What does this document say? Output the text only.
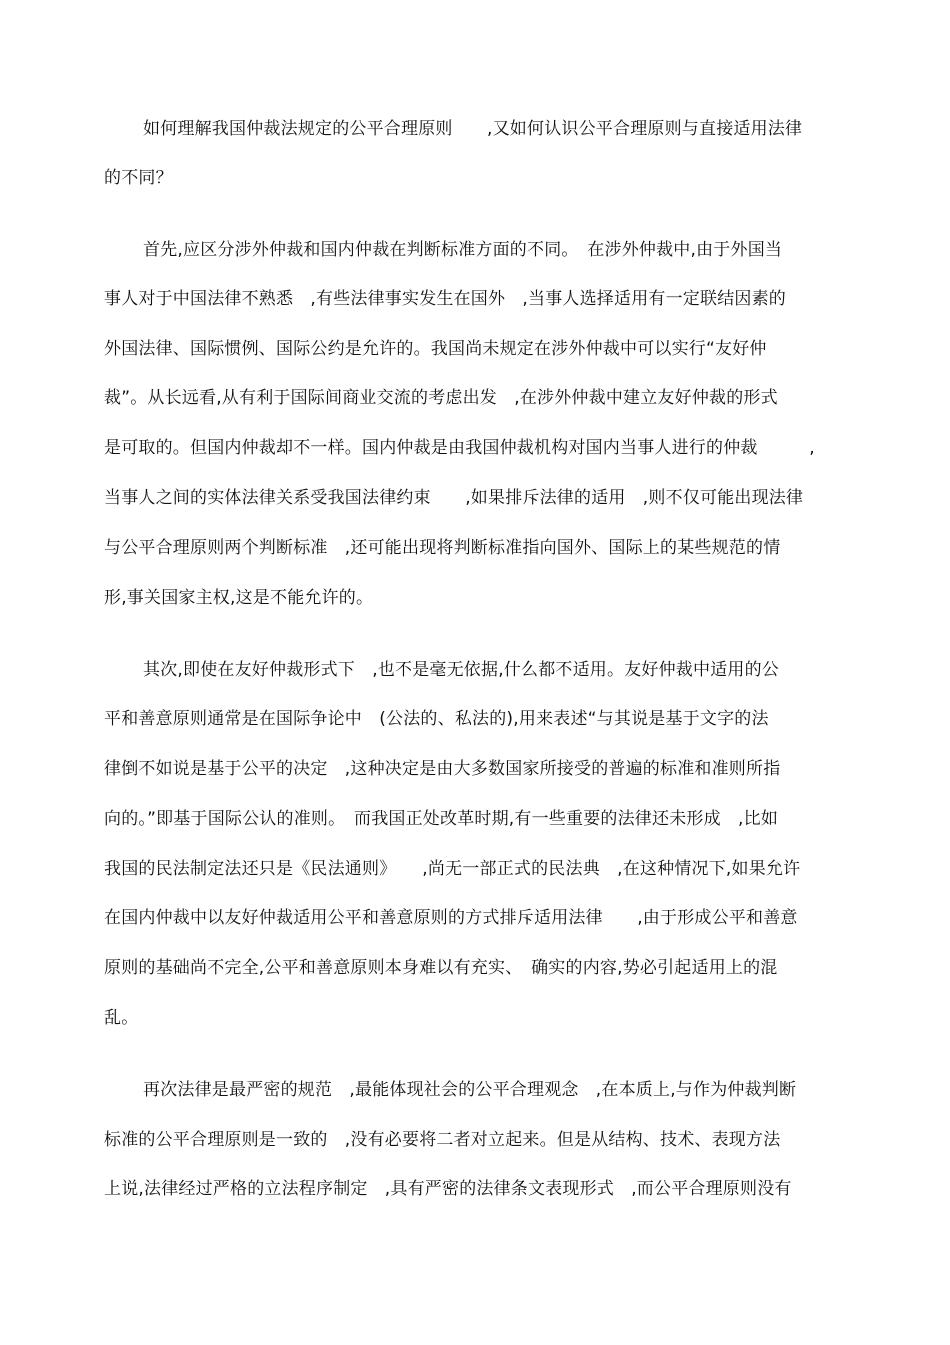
如何理解我国仲裁法规定的公平合理原则　　,又如何认识公平合理原则与直接适用法律
的不同？
首先,应区分涉外仲裁和国内仲裁在判断标准方面的不同。　在涉外仲裁中,由于外国当
事人对于中国法律不熟悉　,有些法律事实发生在国外　,当事人选择适用有一定联结因素的
外国法律、国际惯例、国际公约是允许的。我国尚未规定在涉外仲裁中可以实行“友好仲
裁”。从长远看,从有利于国际间商业交流的考虑出发　,在涉外仲裁中建立友好仲裁的形式
是可取的。但国内仲裁却不一样。国内仲裁是由我国仲裁机构对国内当事人进行的仲裁　　　,
当事人之间的实体法律关系受我国法律约束　　,如果排斥法律的适用　,则不仅可能出现法律
与公平合理原则两个判断标准　,还可能出现将判断标准指向国外、国际上的某些规范的情
形,事关国家主权,这是不能允许的。
其次,即使在友好仲裁形式下　,也不是毫无依据,什么都不适用。友好仲裁中适用的公
平和善意原则通常是在国际争论中　(公法的、私法的),用来表述“与其说是基于文字的法
律倒不如说是基于公平的决定　,这种决定是由大多数国家所接受的普遍的标准和准则所指
向的。”即基于国际公认的准则。　而我国正处改革时期,有一些重要的法律还未形成　,比如
我国的民法制定法还只是《民法通则》　　,尚无一部正式的民法典　,在这种情况下,如果允许
在国内仲裁中以友好仲裁适用公平和善意原则的方式排斥适用法律　　,由于形成公平和善意
原则的基础尚不完全,公平和善意原则本身难以有充实、　确实的内容,势必引起适用上的混
乱。
再次法律是最严密的规范　,最能体现社会的公平合理观念　,在本质上,与作为仲裁判断
标准的公平合理原则是一致的　,没有必要将二者对立起来。但是从结构、技术、表现方法
上说,法律经过严格的立法程序制定　,具有严密的法律条文表现形式　,而公平合理原则没有
